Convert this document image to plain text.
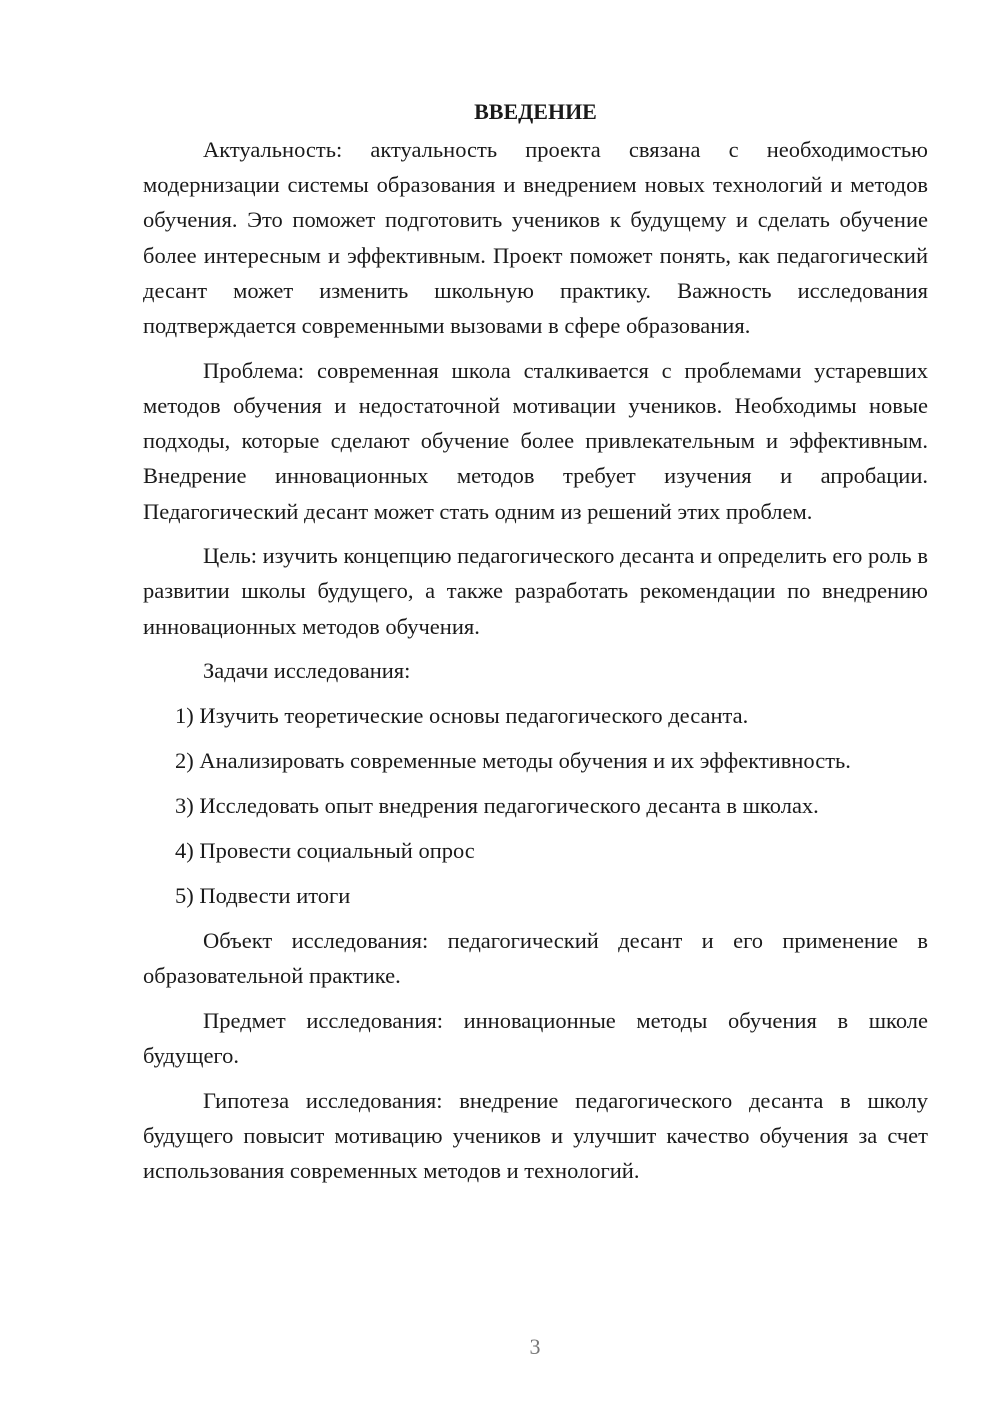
ВВЕДЕНИЕ

Актуальность: актуальность проекта связана с необходимостью модернизации системы образования и внедрением новых технологий и методов обучения. Это поможет подготовить учеников к будущему и сделать обучение более интересным и эффективным. Проект поможет понять, как педагогический десант может изменить школьную практику. Важность исследования подтверждается современными вызовами в сфере образования.

Проблема: современная школа сталкивается с проблемами устаревших методов обучения и недостаточной мотивации учеников. Необходимы новые подходы, которые сделают обучение более привлекательным и эффективным. Внедрение инновационных методов требует изучения и апробации. Педагогический десант может стать одним из решений этих проблем.

Цель: изучить концепцию педагогического десанта и определить его роль в развитии школы будущего, а также разработать рекомендации по внедрению инновационных методов обучения.

Задачи исследования:
1) Изучить теоретические основы педагогического десанта.
2) Анализировать современные методы обучения и их эффективность.
3) Исследовать опыт внедрения педагогического десанта в школах.
4) Провести социальный опрос
5) Подвести итоги

Объект исследования: педагогический десант и его применение в образовательной практике.

Предмет исследования: инновационные методы обучения в школе будущего.

Гипотеза исследования: внедрение педагогического десанта в школу будущего повысит мотивацию учеников и улучшит качество обучения за счет использования современных методов и технологий.

3
